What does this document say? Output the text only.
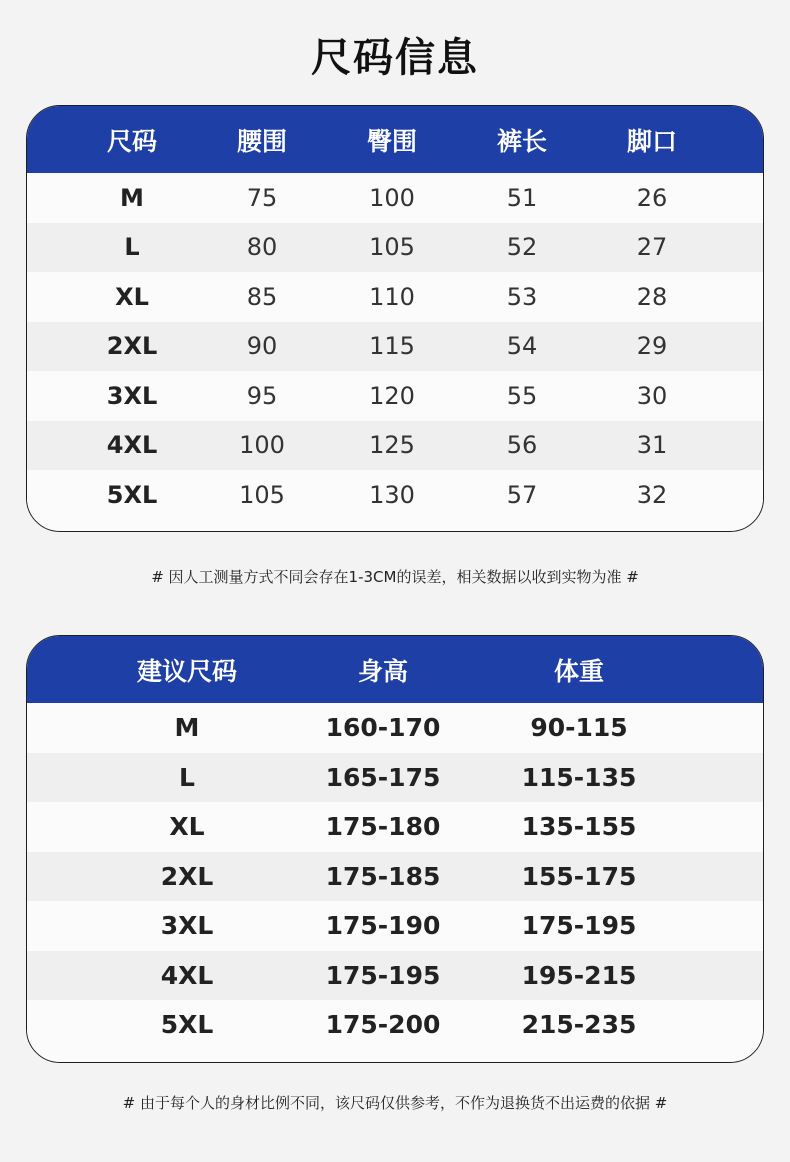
尺码信息
尺码	腰围	臀围	裤长	脚口
M	75	100	51	26
L	80	105	52	27
XL	85	110	53	28
2XL	90	115	54	29
3XL	95	120	55	30
4XL	100	125	56	31
5XL	105	130	57	32
# 因人工测量方式不同会存在1-3CM的误差，相关数据以收到实物为准 #
建议尺码	身高	体重
M	160-170	90-115
L	165-175	115-135
XL	175-180	135-155
2XL	175-185	155-175
3XL	175-190	175-195
4XL	175-195	195-215
5XL	175-200	215-235
# 由于每个人的身材比例不同，该尺码仅供参考，不作为退换货不出运费的依据 #
